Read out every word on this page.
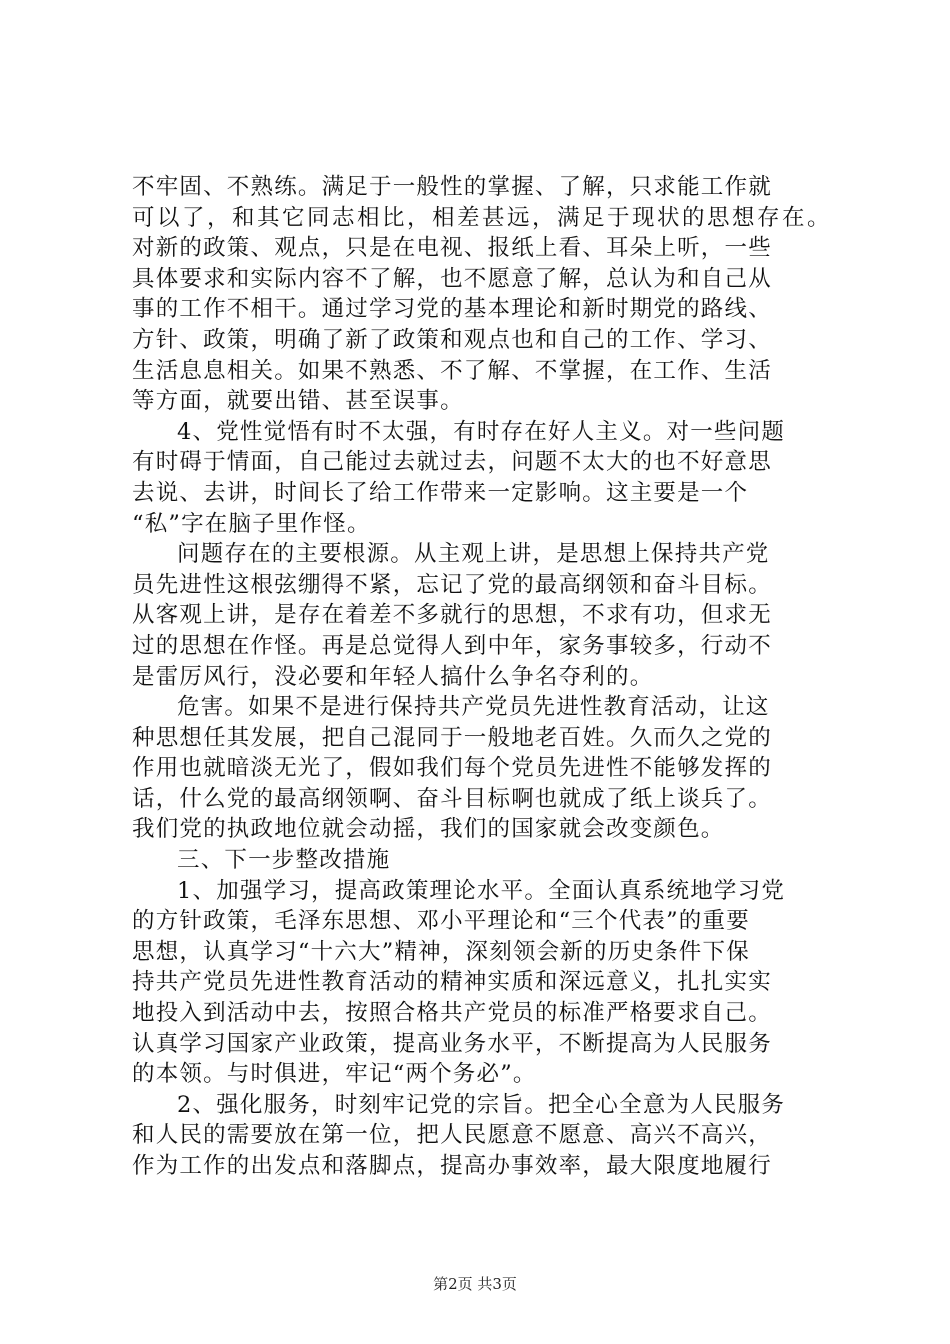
不牢固、不熟练。满足于一般性的掌握、了解，只求能工作就
可以了，和其它同志相比，相差甚远，满足于现状的思想存在。
对新的政策、观点，只是在电视、报纸上看、耳朵上听，一些
具体要求和实际内容不了解，也不愿意了解，总认为和自己从
事的工作不相干。通过学习党的基本理论和新时期党的路线、
方针、政策，明确了新了政策和观点也和自己的工作、学习、
生活息息相关。如果不熟悉、不了解、不掌握，在工作、生活
等方面，就要出错、甚至误事。
4、党性觉悟有时不太强，有时存在好人主义。对一些问题
有时碍于情面，自己能过去就过去，问题不太大的也不好意思
去说、去讲，时间长了给工作带来一定影响。这主要是一个
“私”字在脑子里作怪。
问题存在的主要根源。从主观上讲，是思想上保持共产党
员先进性这根弦绷得不紧，忘记了党的最高纲领和奋斗目标。
从客观上讲，是存在着差不多就行的思想，不求有功，但求无
过的思想在作怪。再是总觉得人到中年，家务事较多，行动不
是雷厉风行，没必要和年轻人搞什么争名夺利的。
危害。如果不是进行保持共产党员先进性教育活动，让这
种思想任其发展，把自己混同于一般地老百姓。久而久之党的
作用也就暗淡无光了，假如我们每个党员先进性不能够发挥的
话，什么党的最高纲领啊、奋斗目标啊也就成了纸上谈兵了。
我们党的执政地位就会动摇，我们的国家就会改变颜色。
三、下一步整改措施
1、加强学习，提高政策理论水平。全面认真系统地学习党
的方针政策，毛泽东思想、邓小平理论和“三个代表”的重要
思想，认真学习“十六大”精神，深刻领会新的历史条件下保
持共产党员先进性教育活动的精神实质和深远意义，扎扎实实
地投入到活动中去，按照合格共产党员的标准严格要求自己。
认真学习国家产业政策，提高业务水平，不断提高为人民服务
的本领。与时俱进，牢记“两个务必”。
2、强化服务，时刻牢记党的宗旨。把全心全意为人民服务
和人民的需要放在第一位，把人民愿意不愿意、高兴不高兴，
作为工作的出发点和落脚点，提高办事效率，最大限度地履行
第2页 共3页
